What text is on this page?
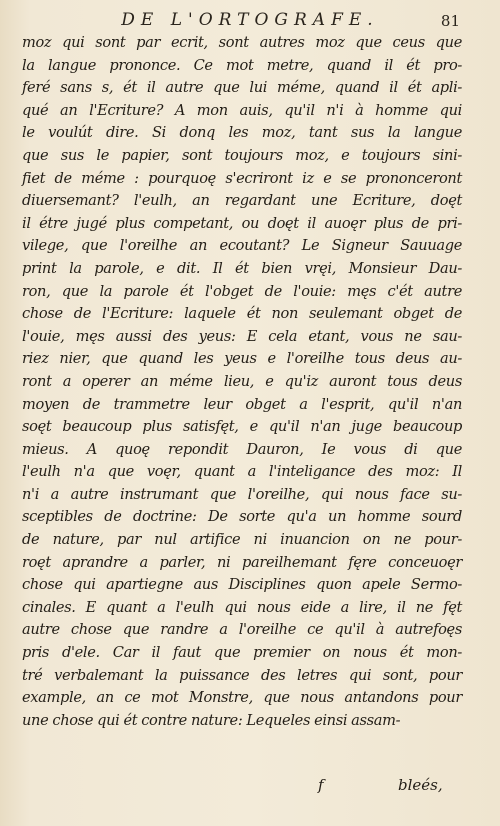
DE L'ORTOGRAFE.	81
moz qui sont par ecrit, sont autres moz que ceus que
la langue prononce. Ce mot metre, quand il ét pro-
feré sans s, ét il autre que lui méme, quand il ét apli-
qué an l'Ecriture? A mon auis, qu'il n'i à homme qui
le voulút dire. Si donq les moz, tant sus la langue
que sus le papier, sont toujours moz, e toujours sini-
fiet de méme : pourquoę s'ecriront iz e se prononceront
diuersemant? l'eulh, an regardant une Ecriture, doęt
il étre jugé plus competant, ou doęt il auoęr plus de pri-
vilege, que l'oreilhe an ecoutant? Le Signeur Sauuage
print la parole, e dit. Il ét bien vręi, Monsieur Dau-
ron, que la parole ét l'obget de l'ouie: męs c'ét autre
chose de l'Ecriture: laquele ét non seulemant obget de
l'ouie, męs aussi des yeus: E cela etant, vous ne sau-
riez nier, que quand les yeus e l'oreilhe tous deus au-
ront a operer an méme lieu, e qu'iz auront tous deus
moyen de trammetre leur obget a l'esprit, qu'il n'an
soęt beaucoup plus satisfęt, e qu'il n'an juge beaucoup
mieus. A quoę repondit Dauron, Ie vous di que
l'eulh n'a que voęr, quant a l'inteligance des moz: Il
n'i a autre instrumant que l'oreilhe, qui nous face su-
sceptibles de doctrine: De sorte qu'a un homme sourd
de nature, par nul artifice ni inuancion on ne pour-
roęt aprandre a parler, ni pareilhemant fęre conceuoęr
chose qui apartiegne aus Disciplines quon apele Sermo-
cinales. E quant a l'eulh qui nous eide a lire, il ne fęt
autre chose que randre a l'oreilhe ce qu'il à autrefoęs
pris d'ele. Car il faut que premier on nous ét mon-
tré verbalemant la puissance des letres qui sont, pour
example, an ce mot Monstre, que nous antandons pour
une chose qui ét contre nature: Lequeles einsi assam-
f	bleés,
